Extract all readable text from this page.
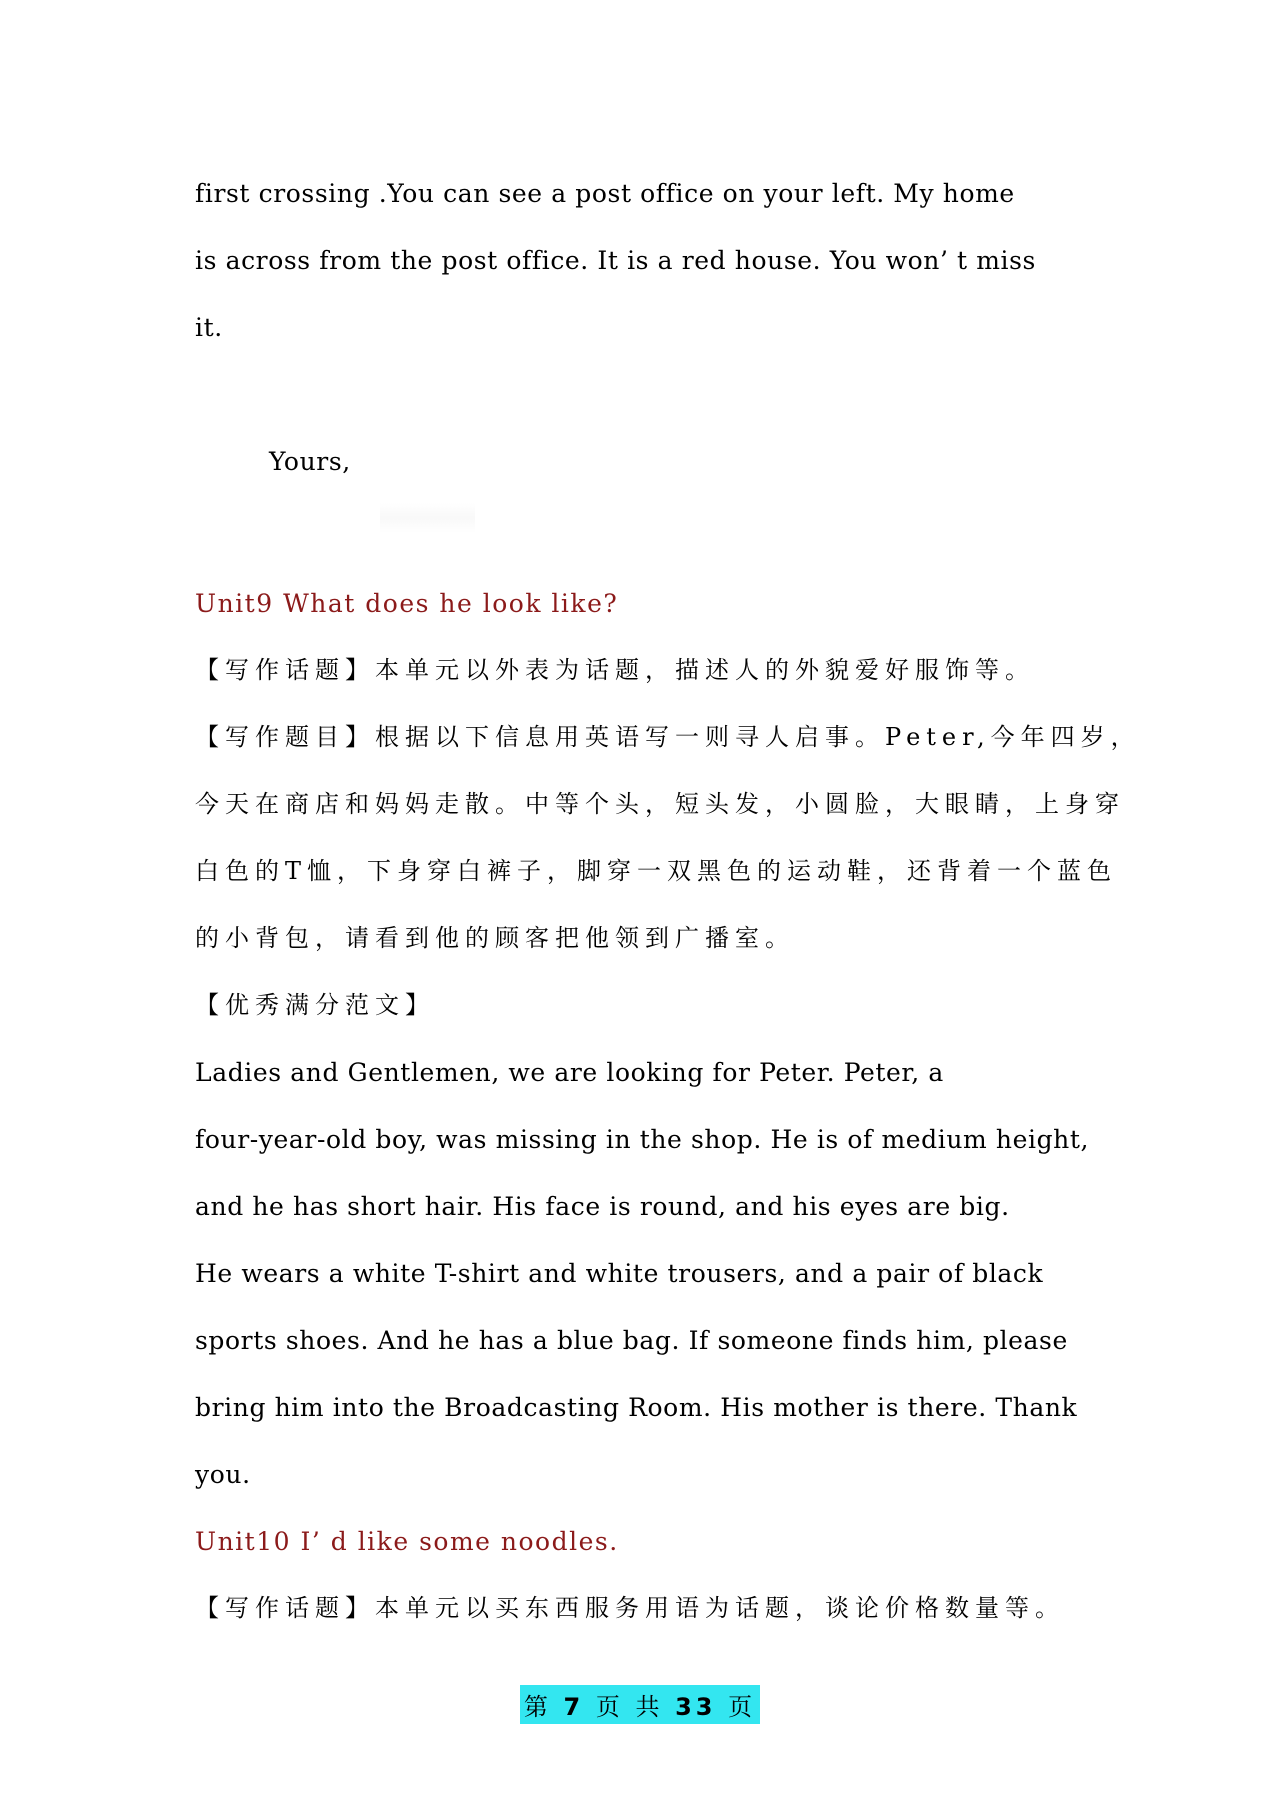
first crossing .You can see a post office on your left. My home
is across from the post office. It is a red house. You won’ t miss
it.
Yours,
Unit9 What does he look like?
【写作话题】本单元以外表为话题，描述人的外貌爱好服饰等。
【写作题目】根据以下信息用英语写一则寻人启事。Peter,今年四岁，
今天在商店和妈妈走散。中等个头，短头发，小圆脸，大眼睛，上身穿
白色的T恤，下身穿白裤子，脚穿一双黑色的运动鞋，还背着一个蓝色
的小背包，请看到他的顾客把他领到广播室。
【优秀满分范文】
Ladies and Gentlemen, we are looking for Peter. Peter, a
four-year-old boy, was missing in the shop. He is of medium height,
and he has short hair. His face is round, and his eyes are big.
He wears a white T-shirt and white trousers, and a pair of black
sports shoes. And he has a blue bag. If someone finds him, please
bring him into the Broadcasting Room. His mother is there. Thank
you.
Unit10 I’ d like some noodles.
【写作话题】本单元以买东西服务用语为话题，谈论价格数量等。
第 7 页 共 33 页
